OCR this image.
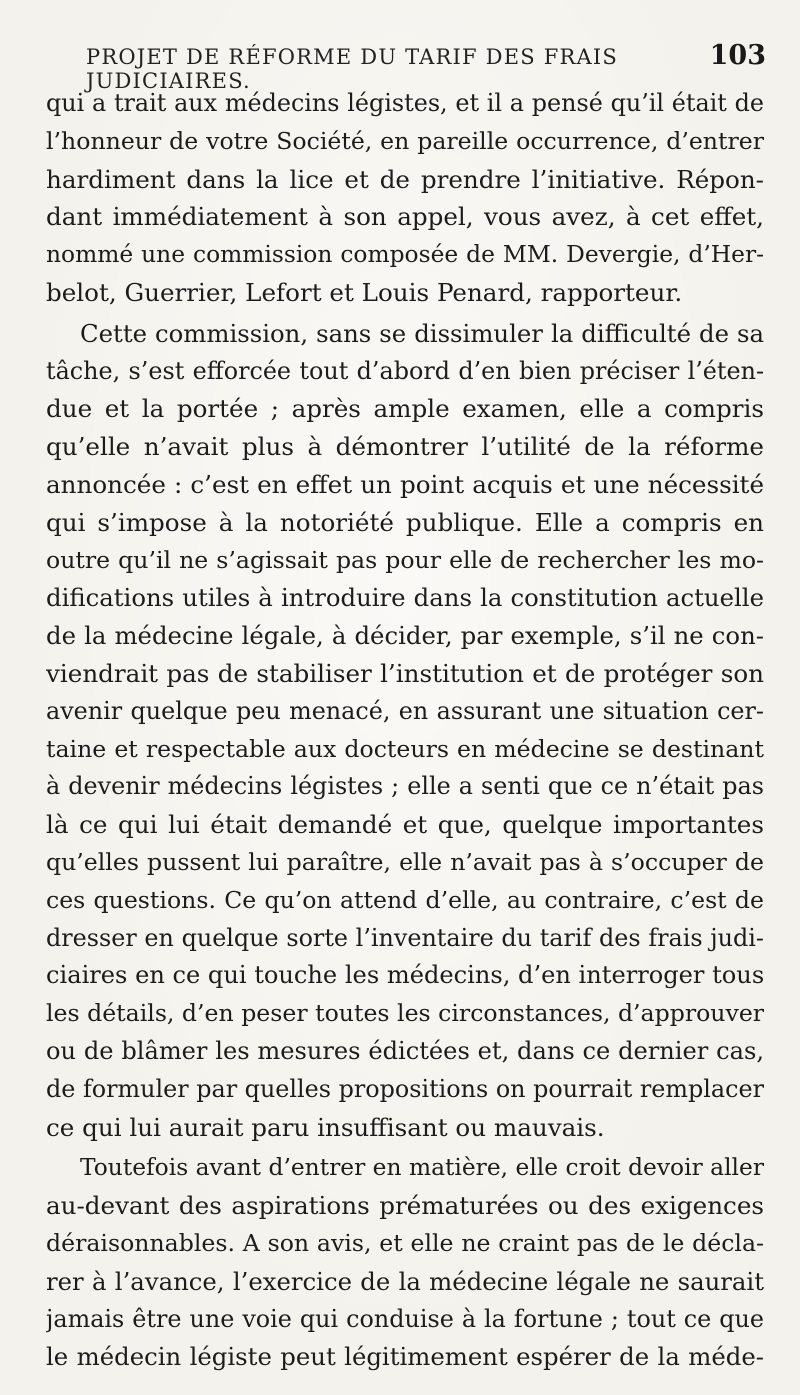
PROJET DE RÉFORME DU TARIF DES FRAIS JUDICIAIRES.
103

qui a trait aux médecins légistes, et il a pensé qu’il était de
l’honneur de votre Société, en pareille occurrence, d’entrer
hardiment dans la lice et de prendre l’initiative. Répon-
dant immédiatement à son appel, vous avez, à cet effet,
nommé une commission composée de MM. Devergie, d’Her-
belot, Guerrier, Lefort et Louis Penard, rapporteur.

Cette commission, sans se dissimuler la difficulté de sa
tâche, s’est efforcée tout d’abord d’en bien préciser l’éten-
due et la portée ; après ample examen, elle a compris
qu’elle n’avait plus à démontrer l’utilité de la réforme
annoncée : c’est en effet un point acquis et une nécessité
qui s’impose à la notoriété publique. Elle a compris en
outre qu’il ne s’agissait pas pour elle de rechercher les mo-
difications utiles à introduire dans la constitution actuelle
de la médecine légale, à décider, par exemple, s’il ne con-
viendrait pas de stabiliser l’institution et de protéger son
avenir quelque peu menacé, en assurant une situation cer-
taine et respectable aux docteurs en médecine se destinant
à devenir médecins légistes ; elle a senti que ce n’était pas
là ce qui lui était demandé et que, quelque importantes
qu’elles pussent lui paraître, elle n’avait pas à s’occuper de
ces questions. Ce qu’on attend d’elle, au contraire, c’est de
dresser en quelque sorte l’inventaire du tarif des frais judi-
ciaires en ce qui touche les médecins, d’en interroger tous
les détails, d’en peser toutes les circonstances, d’approuver
ou de blâmer les mesures édictées et, dans ce dernier cas,
de formuler par quelles propositions on pourrait remplacer
ce qui lui aurait paru insuffisant ou mauvais.

Toutefois avant d’entrer en matière, elle croit devoir aller
au-devant des aspirations prématurées ou des exigences
déraisonnables. A son avis, et elle ne craint pas de le décla-
rer à l’avance, l’exercice de la médecine légale ne saurait
jamais être une voie qui conduise à la fortune ; tout ce que
le médecin légiste peut légitimement espérer de la méde-
